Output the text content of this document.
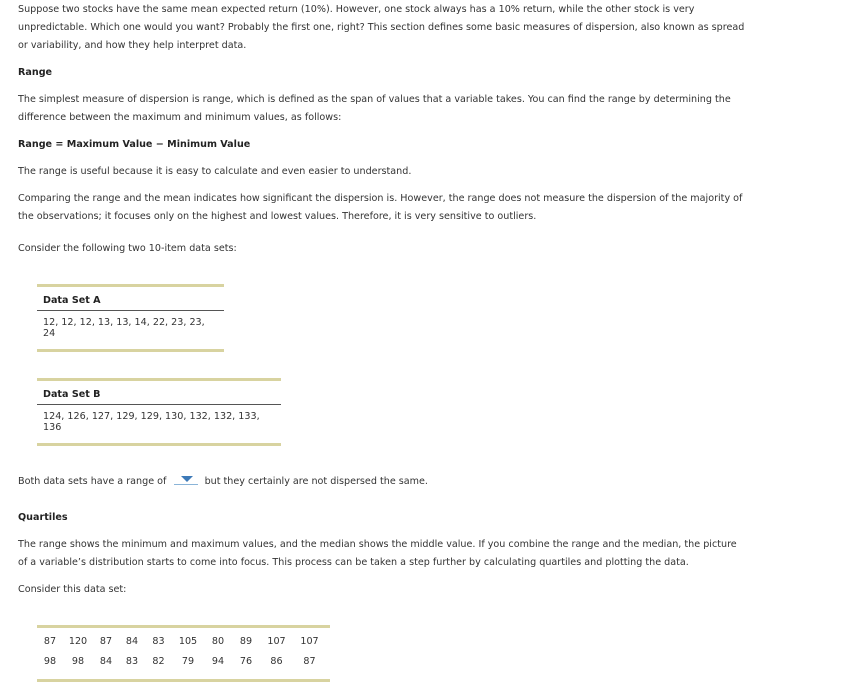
Suppose two stocks have the same mean expected return (10%). However, one stock always has a 10% return, while the other stock is very

unpredictable. Which one would you want? Probably the first one, right? This section defines some basic measures of dispersion, also known as spread

or variability, and how they help interpret data.

Range

The simplest measure of dispersion is range, which is defined as the span of values that a variable takes. You can find the range by determining the

difference between the maximum and minimum values, as follows:

Range = Maximum Value − Minimum Value

The range is useful because it is easy to calculate and even easier to understand.

Comparing the range and the mean indicates how significant the dispersion is. However, the range does not measure the dispersion of the majority of

the observations; it focuses only on the highest and lowest values. Therefore, it is very sensitive to outliers.

Consider the following two 10-item data sets:

Data Set A
12, 12, 12, 13, 13, 14, 22, 23, 23, 24
Data Set B
124, 126, 127, 129, 129, 130, 132, 132, 133, 136

Both data sets have a range of	but they certainly are not dispersed the same.

Quartiles

The range shows the minimum and maximum values, and the median shows the middle value. If you combine the range and the median, the picture

of a variable’s distribution starts to come into focus. This process can be taken a step further by calculating quartiles and plotting the data.

Consider this data set:

87	120	87	84	83	105	80	89	107	107
98	98	84	83	82	79	94	76	86	87
